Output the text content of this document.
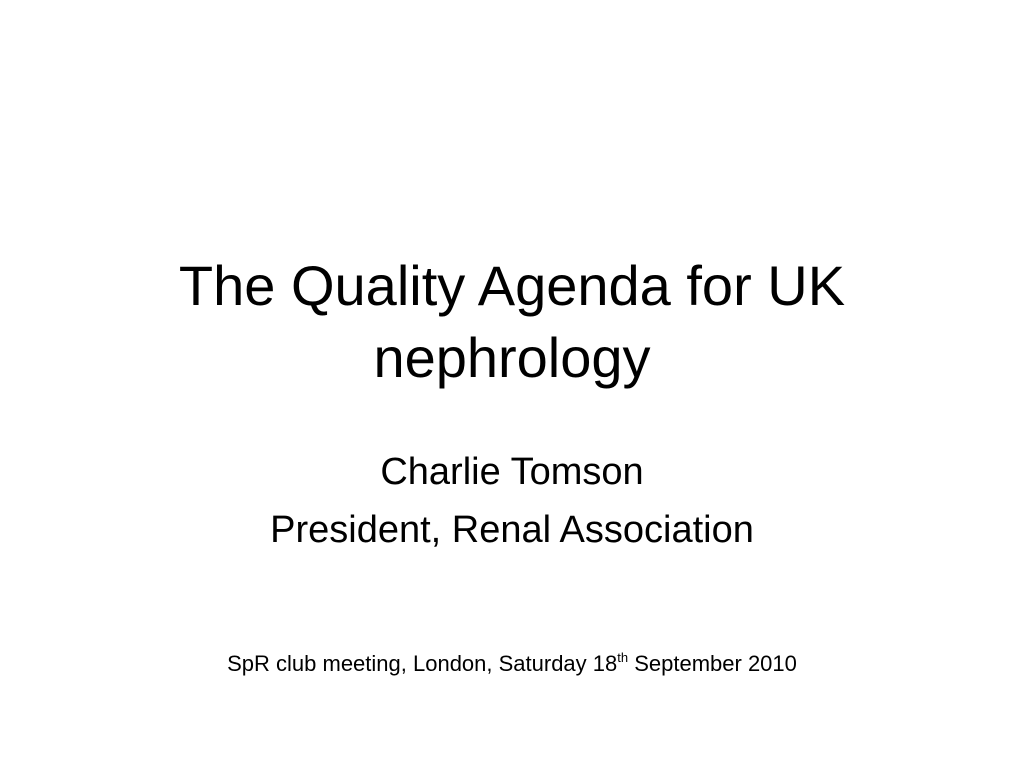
The Quality Agenda for UK
nephrology
Charlie Tomson
President, Renal Association
SpR club meeting, London, Saturday 18th September 2010
